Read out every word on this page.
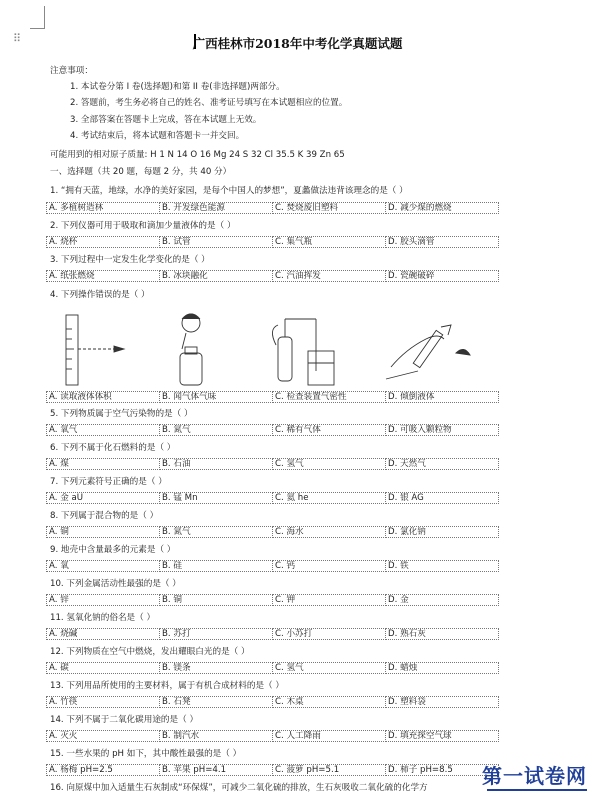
⠿	广西桂林市2018年中考化学真题试题
注意事项：
1. 本试卷分第 I 卷(选择题)和第 II 卷(非选择题)两部分。
2. 答题前，考生务必将自己的姓名、准考证号填写在本试题相应的位置。
3. 全部答案在答题卡上完成，答在本试题上无效。
4. 考试结束后，将本试题和答题卡一并交回。
可能用到的相对原子质量: H 1 N 14 O 16 Mg 24 S 32 Cl 35.5 K 39 Zn 65
一、选择题（共 20 题，每题 2 分，共 40 分）
1. “拥有天蓝，地绿，水净的美好家园，是每个中国人的梦想”，夏蠡做法违背该理念的是（ ）
A. 多植树造林	B. 开发绿色能源	C. 焚烧废旧塑料	D. 减少煤的燃烧
2. 下列仪器可用于吸取和滴加少量液体的是（ ）
A. 烧杯	B. 试管	C. 集气瓶	D. 胶头滴管
3. 下列过程中一定发生化学变化的是（ ）
A. 纸张燃烧	B. 冰块融化	C. 汽油挥发	D. 瓷碗破碎
4. 下列操作错误的是（ ）
A. 读取液体体积	B. 闻气体气味	C. 检查装置气密性	D. 倾倒液体
5. 下列物质属于空气污染物的是（ ）
A. 氧气	B. 氮气	C. 稀有气体	D. 可吸入颗粒物
6. 下列不属于化石燃料的是（ ）
A. 煤	B. 石油	C. 氢气	D. 天然气
7. 下列元素符号正确的是（ ）
A. 金 aU	B. 锰 Mn	C. 氦 he	D. 银 AG
8. 下列属于混合物的是（ ）
A. 铜	B. 氮气	C. 海水	D. 氯化钠
9. 地壳中含量最多的元素是（ ）
A. 氧	B. 硅	C. 钙	D. 铁
10. 下列金属活动性最强的是（ ）
A. 锌	B. 铜	C. 钾	D. 金
11. 氢氧化钠的俗名是（ ）
A. 烧碱	B. 苏打	C. 小苏打	D. 熟石灰
12. 下列物质在空气中燃烧，发出耀眼白光的是（ ）
A. 碳	B. 镁条	C. 氢气	D. 蜡烛
13. 下列用品所使用的主要材料，属于有机合成材料的是（ ）
A. 竹筷	B. 石凳	C. 木桌	D. 塑料袋
14. 下列不属于二氧化碳用途的是（ ）
A. 灭火	B. 制汽水	C. 人工降雨	D. 填充探空气球
15. 一些水果的 pH 如下，其中酸性最强的是（ ）
A. 杨梅 pH=2.5	B. 苹果 pH=4.1	C. 菠萝 pH=5.1	D. 柿子 pH=8.5
16. 向原煤中加入适量生石灰制成“环保煤”，可减少二氧化硫的排放，生石灰吸收二氧化硫的化学方	第一试卷网
